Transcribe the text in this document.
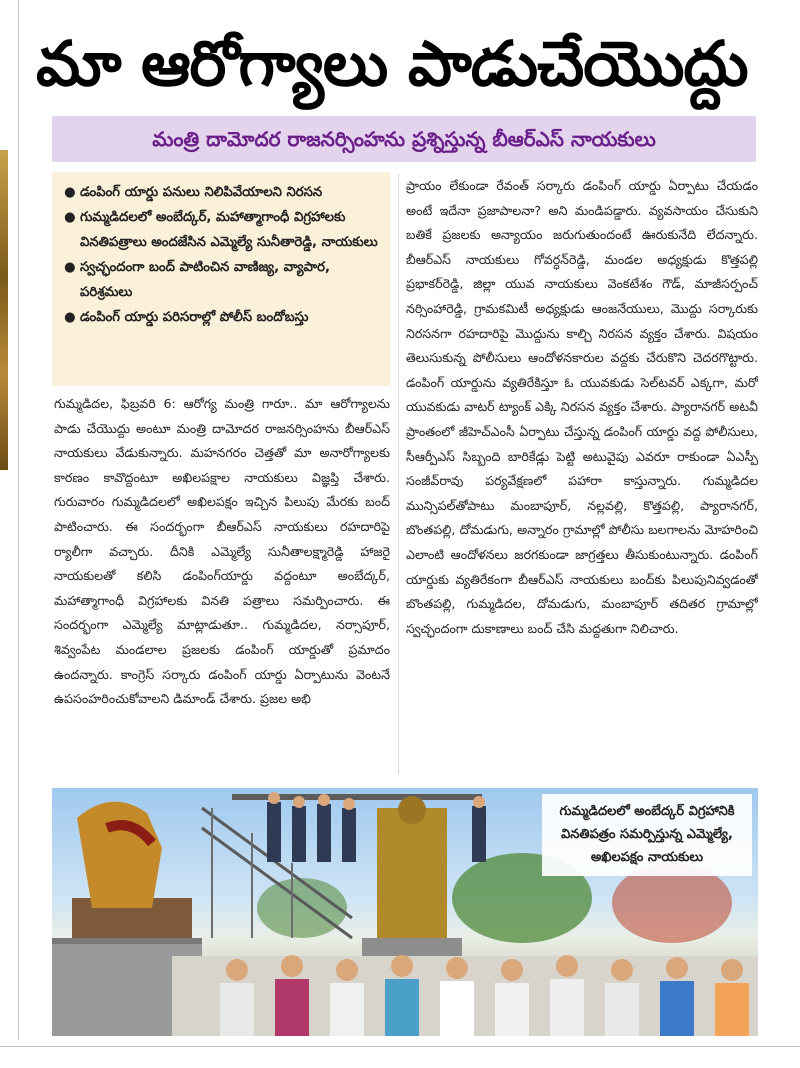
మా ఆరోగ్యాలు పాడుచేయొద్దు
మంత్రి దామోదర రాజనర్సింహను ప్రశ్నిస్తున్న బీఆర్ఎస్ నాయకులు
● డంపింగ్ యార్డు పనులు నిలిపివేయాలని నిరసన
● గుమ్మడిదలలో అంబేద్కర్, మహాత్మాగాంధీ విగ్రహాలకు వినతిపత్రాలు అందజేసిన ఎమ్మెల్యే సునీతారెడ్డి, నాయకులు
● స్వచ్ఛందంగా బంద్ పాటించిన వాణిజ్య, వ్యాపార, పరిశ్రమలు
● డంపింగ్ యార్డు పరిసరాల్లో పోలీస్ బందోబస్తు
గుమ్మడిదల, ఫిబ్రవరి 6: ఆరోగ్య మంత్రి గారూ.. మా ఆరోగ్యాలను పాడు చేయొద్దు అంటూ మంత్రి దామోదర రాజనర్సింహను బీఆర్ఎస్ నాయకులు వేడుకున్నారు. మహనగరం చెత్తతో మా అనారోగ్యాలకు కారణం కావొద్దంటూ అఖిలపక్షాల నాయకులు విజ్ఞప్తి చేశారు. గురువారం గుమ్మడిదలలో అఖిలపక్షం ఇచ్చిన పిలుపు మేరకు బంద్ పాటించారు. ఈ సందర్భంగా బీఆర్ఎస్ నాయకులు రహదారిపై ర్యాలీగా వచ్చారు. దీనికి ఎమ్మెల్యే సునీతాలక్ష్మారెడ్డి హాజరై నాయకులతో కలిసి డంపింగ్‌యార్డు వద్దంటూ అంబేద్కర్, మహాత్మాగాంధీ విగ్రహాలకు వినతి పత్రాలు సమర్పించారు. ఈ సందర్భంగా ఎమ్మెల్యే మాట్లాడుతూ.. గుమ్మడిదల, నర్సాపూర్, శివ్వంపేట మండలాల ప్రజలకు డంపింగ్ యార్డుతో ప్రమాదం ఉందన్నారు. కాంగ్రెస్ సర్కారు డంపింగ్ యార్డు ఏర్పాటును వెంటనే ఉపసంహరించుకోవాలని డిమాండ్ చేశారు. ప్రజల అభి
ప్రాయం లేకుండా రేవంత్ సర్కారు డంపింగ్ యార్డు ఏర్పాటు చేయడం అంటే ఇదేనా ప్రజాపాలనా? అని మండిపడ్డారు. వ్యవసాయం చేసుకుని బతికే ప్రజలకు అన్యాయం జరుగుతుందంటే ఊరుకునేది లేదన్నారు. బీఆర్ఎస్ నాయకులు గోవర్ధన్‌రెడ్డి, మండల అధ్యక్షుడు కొత్తపల్లి ప్రభాకర్‌రెడ్డి, జిల్లా యువ నాయకులు వెంకటేశం గౌడ్, మాజీసర్పంచ్ నర్సింహారెడ్డి, గ్రామకమిటీ అధ్యక్షుడు ఆంజనేయులు, మొద్దు సర్కారుకు నిరసనగా రహదారిపై మొద్దును కాల్చి నిరసన వ్యక్తం చేశారు. విషయం తెలుసుకున్న పోలీసులు ఆందోళనకారుల వద్దకు చేరుకొని చెదరగొట్టారు. డంపింగ్ యార్డును వ్యతిరేకిస్తూ ఓ యువకుడు సెల్‌టవర్ ఎక్కగా, మరో యువకుడు వాటర్ ట్యాంక్ ఎక్కి నిరసన వ్యక్తం చేశారు. ప్యారానగర్ అటవీ ప్రాంతంలో జీహెచ్ఎంసీ ఏర్పాటు చేస్తున్న డంపింగ్ యార్డు వద్ద పోలీసులు, సీఆర్పీఎస్ సిబ్బంది బారికేడ్లు పెట్టి అటువైపు ఎవరూ రాకుండా ఏఎస్పీ సంజీవ్‌రావు పర్యవేక్షణలో పహారా కాస్తున్నారు. గుమ్మడిదల మున్సిపల్‌తోపాటు మంబాపూర్, నల్లవల్లి, కొత్తపల్లి, ప్యారానగర్, బొంతపల్లి, దోమడుగు, అన్నారం గ్రామాల్లో పోలీసు బలగాలను మోహరించి ఎలాంటి ఆందోళనలు జరగకుండా జాగ్రత్తలు తీసుకుంటున్నారు. డంపింగ్ యార్డుకు వ్యతిరేకంగా బీఆర్ఎస్ నాయకులు బంద్‌కు పిలుపునివ్వడంతో బొంతపల్లి, గుమ్మడిదల, దోమడుగు, మంబాపూర్ తదితర గ్రామాల్లో స్వచ్ఛందంగా దుకాణాలు బంద్ చేసి మద్దతుగా నిలిచారు.
గుమ్మడిదలలో అంబేద్కర్ విగ్రహానికి వినతిపత్రం సమర్పిస్తున్న ఎమ్మెల్యే, అఖిలపక్షం నాయకులు
